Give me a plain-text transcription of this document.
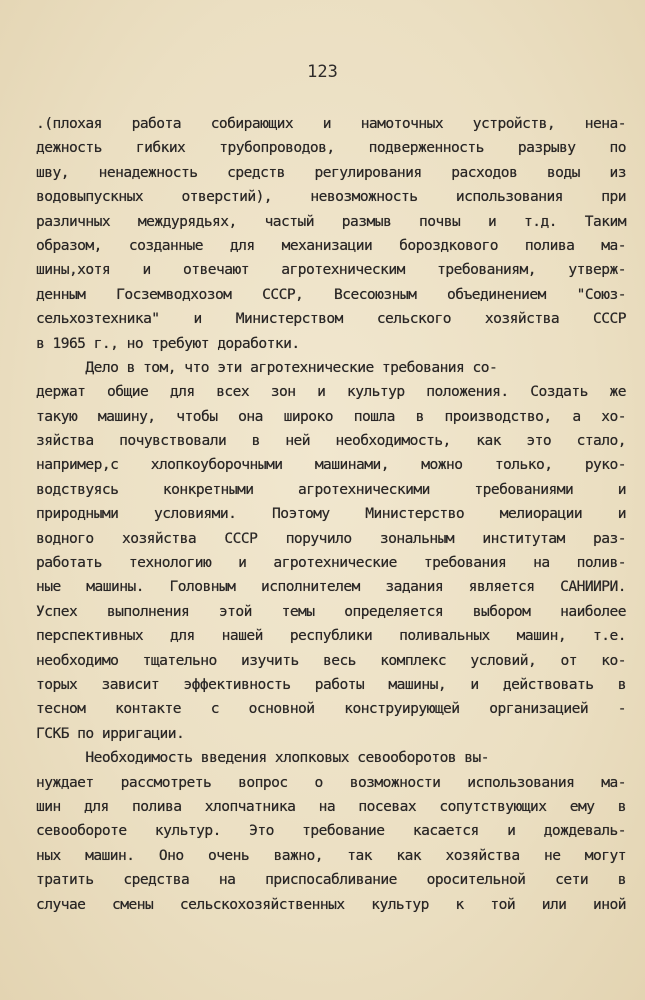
123
.(плохая работа собирающих и намоточных устройств, нена-
дежность гибких трубопроводов, подверженность разрыву по
шву, ненадежность средств регулирования расходов воды из
водовыпускных отверстий), невозможность использования при
различных междурядьях, частый размыв почвы и т.д. Таким
образом, созданные для механизации бороздкового полива ма-
шины,хотя и отвечают агротехническим требованиям, утверж-
денным Госземводхозом СССР, Всесоюзным объединением "Союз-
сельхозтехника" и Министерством сельского хозяйства СССР
в 1965 г., но требуют доработки.
Дело в том, что эти агротехнические требования со-
держат общие для всех зон и культур положения. Создать же
такую машину, чтобы она широко пошла в производство, а хо-
зяйства почувствовали в ней необходимость, как это стало,
например,с хлопкоуборочными машинами, можно только, руко-
водствуясь конкретными агротехническими требованиями и
природными условиями. Поэтому Министерство мелиорации и
водного хозяйства СССР поручило зональным институтам раз-
работать технологию и агротехнические требования на полив-
ные машины. Головным исполнителем задания является САНИИРИ.
Успех выполнения этой темы определяется выбором наиболее
перспективных для нашей республики поливальных машин, т.е.
необходимо тщательно изучить весь комплекс условий, от ко-
торых зависит эффективность работы машины, и действовать в
тесном контакте с основной конструирующей организацией -
ГСКБ по ирригации.
Необходимость введения хлопковых севооборотов вы-
нуждает рассмотреть вопрос о возможности использования ма-
шин для полива хлопчатника на посевах сопутствующих ему в
севообороте культур. Это требование касается и дождеваль-
ных машин. Оно очень важно, так как хозяйства не могут
тратить средства на приспосабливание оросительной сети в
случае смены сельскохозяйственных культур к той или иной
